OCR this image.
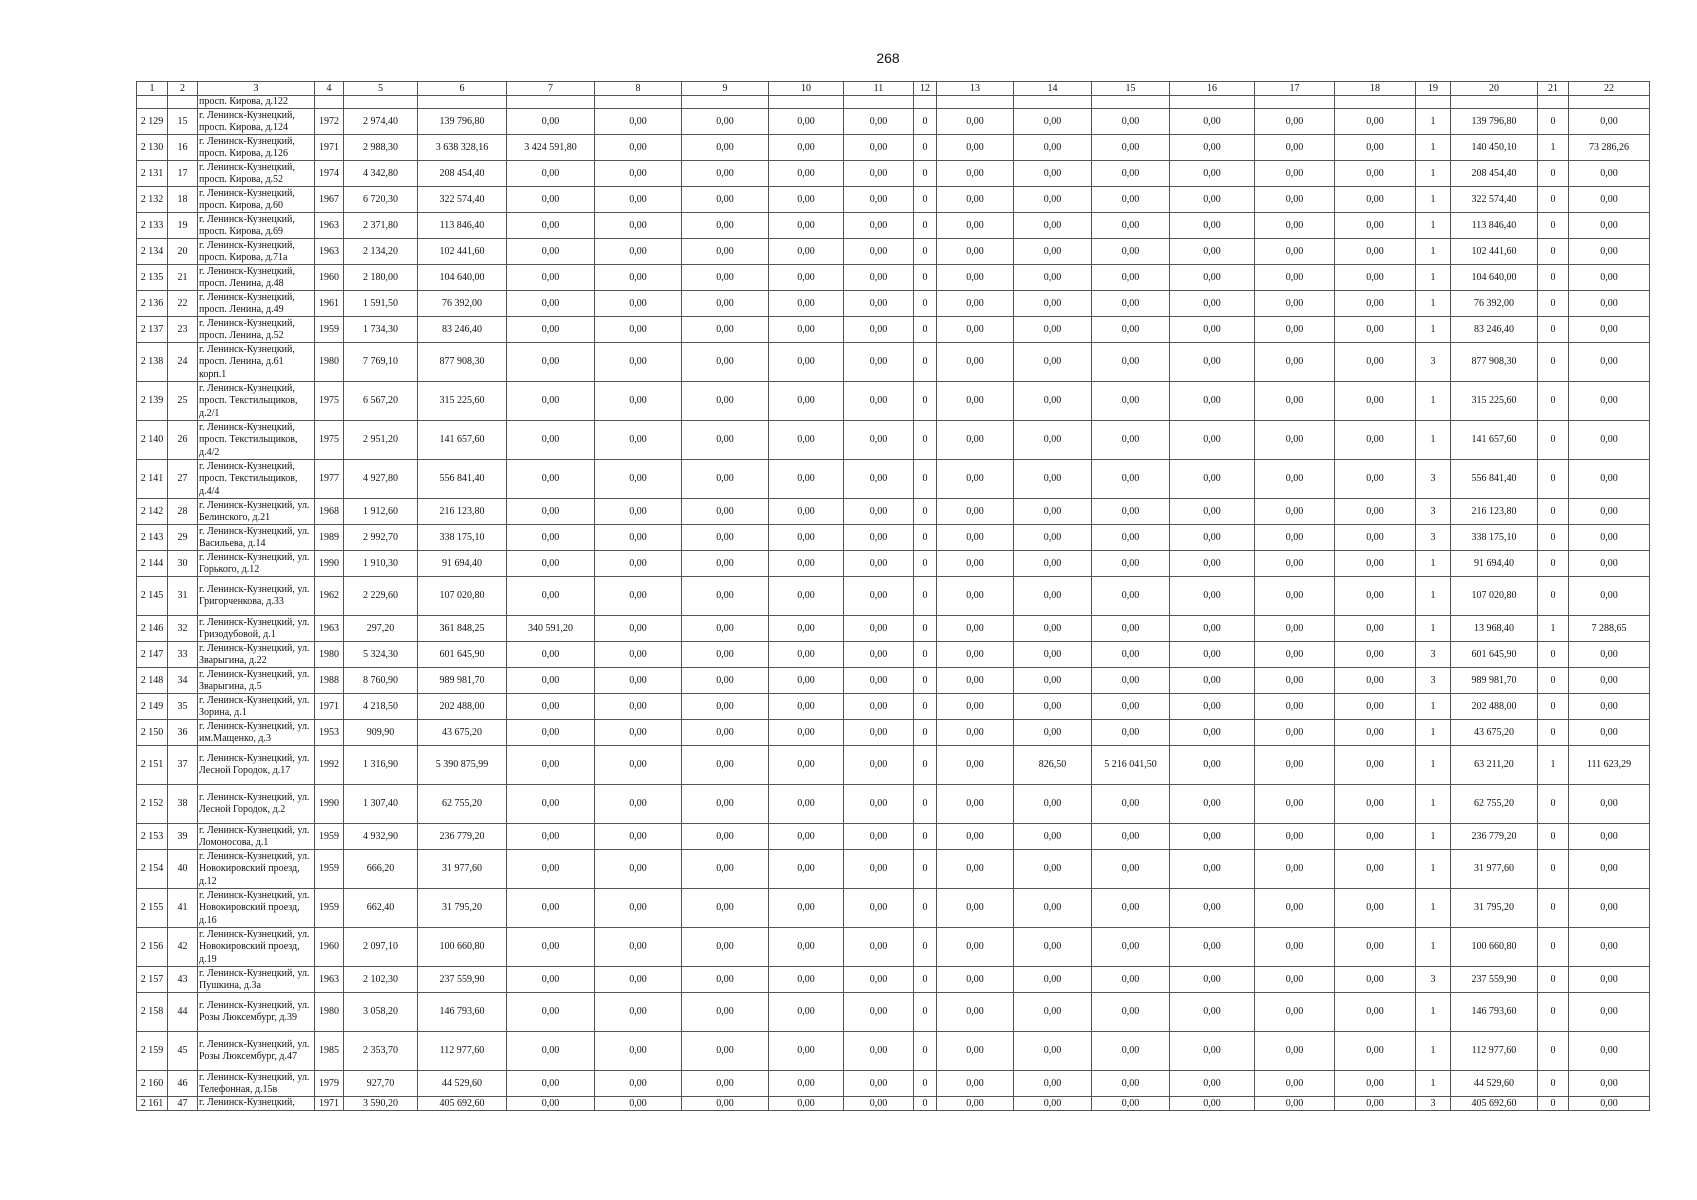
268
1	2	3	4	5	6	7	8	9	10	11	12	13	14	15	16	17	18	19	20	21	22
		просп. Кирова, д.122																			
2 129	15	г. Ленинск-Кузнецкий, просп. Кирова, д.124	1972	2 974,40	139 796,80	0,00	0,00	0,00	0,00	0,00	0	0,00	0,00	0,00	0,00	0,00	0,00	1	139 796,80	0	0,00
2 130	16	г. Ленинск-Кузнецкий, просп. Кирова, д.126	1971	2 988,30	3 638 328,16	3 424 591,80	0,00	0,00	0,00	0,00	0	0,00	0,00	0,00	0,00	0,00	0,00	1	140 450,10	1	73 286,26
2 131	17	г. Ленинск-Кузнецкий, просп. Кирова, д.52	1974	4 342,80	208 454,40	0,00	0,00	0,00	0,00	0,00	0	0,00	0,00	0,00	0,00	0,00	0,00	1	208 454,40	0	0,00
2 132	18	г. Ленинск-Кузнецкий, просп. Кирова, д.60	1967	6 720,30	322 574,40	0,00	0,00	0,00	0,00	0,00	0	0,00	0,00	0,00	0,00	0,00	0,00	1	322 574,40	0	0,00
2 133	19	г. Ленинск-Кузнецкий, просп. Кирова, д.69	1963	2 371,80	113 846,40	0,00	0,00	0,00	0,00	0,00	0	0,00	0,00	0,00	0,00	0,00	0,00	1	113 846,40	0	0,00
2 134	20	г. Ленинск-Кузнецкий, просп. Кирова, д.71а	1963	2 134,20	102 441,60	0,00	0,00	0,00	0,00	0,00	0	0,00	0,00	0,00	0,00	0,00	0,00	1	102 441,60	0	0,00
2 135	21	г. Ленинск-Кузнецкий, просп. Ленина, д.48	1960	2 180,00	104 640,00	0,00	0,00	0,00	0,00	0,00	0	0,00	0,00	0,00	0,00	0,00	0,00	1	104 640,00	0	0,00
2 136	22	г. Ленинск-Кузнецкий, просп. Ленина, д.49	1961	1 591,50	76 392,00	0,00	0,00	0,00	0,00	0,00	0	0,00	0,00	0,00	0,00	0,00	0,00	1	76 392,00	0	0,00
2 137	23	г. Ленинск-Кузнецкий, просп. Ленина, д.52	1959	1 734,30	83 246,40	0,00	0,00	0,00	0,00	0,00	0	0,00	0,00	0,00	0,00	0,00	0,00	1	83 246,40	0	0,00
2 138	24	г. Ленинск-Кузнецкий, просп. Ленина, д.61 корп.1	1980	7 769,10	877 908,30	0,00	0,00	0,00	0,00	0,00	0	0,00	0,00	0,00	0,00	0,00	0,00	3	877 908,30	0	0,00
2 139	25	г. Ленинск-Кузнецкий, просп. Текстильщиков, д.2/1	1975	6 567,20	315 225,60	0,00	0,00	0,00	0,00	0,00	0	0,00	0,00	0,00	0,00	0,00	0,00	1	315 225,60	0	0,00
2 140	26	г. Ленинск-Кузнецкий, просп. Текстильщиков, д.4/2	1975	2 951,20	141 657,60	0,00	0,00	0,00	0,00	0,00	0	0,00	0,00	0,00	0,00	0,00	0,00	1	141 657,60	0	0,00
2 141	27	г. Ленинск-Кузнецкий, просп. Текстильщиков, д.4/4	1977	4 927,80	556 841,40	0,00	0,00	0,00	0,00	0,00	0	0,00	0,00	0,00	0,00	0,00	0,00	3	556 841,40	0	0,00
2 142	28	г. Ленинск-Кузнецкий, ул. Белинского, д.21	1968	1 912,60	216 123,80	0,00	0,00	0,00	0,00	0,00	0	0,00	0,00	0,00	0,00	0,00	0,00	3	216 123,80	0	0,00
2 143	29	г. Ленинск-Кузнецкий, ул. Васильева, д.14	1989	2 992,70	338 175,10	0,00	0,00	0,00	0,00	0,00	0	0,00	0,00	0,00	0,00	0,00	0,00	3	338 175,10	0	0,00
2 144	30	г. Ленинск-Кузнецкий, ул. Горького, д.12	1990	1 910,30	91 694,40	0,00	0,00	0,00	0,00	0,00	0	0,00	0,00	0,00	0,00	0,00	0,00	1	91 694,40	0	0,00
2 145	31	г. Ленинск-Кузнецкий, ул. Григорченкова, д.33	1962	2 229,60	107 020,80	0,00	0,00	0,00	0,00	0,00	0	0,00	0,00	0,00	0,00	0,00	0,00	1	107 020,80	0	0,00
2 146	32	г. Ленинск-Кузнецкий, ул. Гризодубовой, д.1	1963	297,20	361 848,25	340 591,20	0,00	0,00	0,00	0,00	0	0,00	0,00	0,00	0,00	0,00	0,00	1	13 968,40	1	7 288,65
2 147	33	г. Ленинск-Кузнецкий, ул. Зварыгина, д.22	1980	5 324,30	601 645,90	0,00	0,00	0,00	0,00	0,00	0	0,00	0,00	0,00	0,00	0,00	0,00	3	601 645,90	0	0,00
2 148	34	г. Ленинск-Кузнецкий, ул. Зварыгина, д.5	1988	8 760,90	989 981,70	0,00	0,00	0,00	0,00	0,00	0	0,00	0,00	0,00	0,00	0,00	0,00	3	989 981,70	0	0,00
2 149	35	г. Ленинск-Кузнецкий, ул. Зорина, д.1	1971	4 218,50	202 488,00	0,00	0,00	0,00	0,00	0,00	0	0,00	0,00	0,00	0,00	0,00	0,00	1	202 488,00	0	0,00
2 150	36	г. Ленинск-Кузнецкий, ул. им.Мащенко, д.3	1953	909,90	43 675,20	0,00	0,00	0,00	0,00	0,00	0	0,00	0,00	0,00	0,00	0,00	0,00	1	43 675,20	0	0,00
2 151	37	г. Ленинск-Кузнецкий, ул. Лесной Городок, д.17	1992	1 316,90	5 390 875,99	0,00	0,00	0,00	0,00	0,00	0	0,00	826,50	5 216 041,50	0,00	0,00	0,00	1	63 211,20	1	111 623,29
2 152	38	г. Ленинск-Кузнецкий, ул. Лесной Городок, д.2	1990	1 307,40	62 755,20	0,00	0,00	0,00	0,00	0,00	0	0,00	0,00	0,00	0,00	0,00	0,00	1	62 755,20	0	0,00
2 153	39	г. Ленинск-Кузнецкий, ул. Ломоносова, д.1	1959	4 932,90	236 779,20	0,00	0,00	0,00	0,00	0,00	0	0,00	0,00	0,00	0,00	0,00	0,00	1	236 779,20	0	0,00
2 154	40	г. Ленинск-Кузнецкий, ул. Новокировский проезд, д.12	1959	666,20	31 977,60	0,00	0,00	0,00	0,00	0,00	0	0,00	0,00	0,00	0,00	0,00	0,00	1	31 977,60	0	0,00
2 155	41	г. Ленинск-Кузнецкий, ул. Новокировский проезд, д.16	1959	662,40	31 795,20	0,00	0,00	0,00	0,00	0,00	0	0,00	0,00	0,00	0,00	0,00	0,00	1	31 795,20	0	0,00
2 156	42	г. Ленинск-Кузнецкий, ул. Новокировский проезд, д.19	1960	2 097,10	100 660,80	0,00	0,00	0,00	0,00	0,00	0	0,00	0,00	0,00	0,00	0,00	0,00	1	100 660,80	0	0,00
2 157	43	г. Ленинск-Кузнецкий, ул. Пушкина, д.3а	1963	2 102,30	237 559,90	0,00	0,00	0,00	0,00	0,00	0	0,00	0,00	0,00	0,00	0,00	0,00	3	237 559,90	0	0,00
2 158	44	г. Ленинск-Кузнецкий, ул. Розы Люксембург, д.39	1980	3 058,20	146 793,60	0,00	0,00	0,00	0,00	0,00	0	0,00	0,00	0,00	0,00	0,00	0,00	1	146 793,60	0	0,00
2 159	45	г. Ленинск-Кузнецкий, ул. Розы Люксембург, д.47	1985	2 353,70	112 977,60	0,00	0,00	0,00	0,00	0,00	0	0,00	0,00	0,00	0,00	0,00	0,00	1	112 977,60	0	0,00
2 160	46	г. Ленинск-Кузнецкий, ул. Телефонная, д.15в	1979	927,70	44 529,60	0,00	0,00	0,00	0,00	0,00	0	0,00	0,00	0,00	0,00	0,00	0,00	1	44 529,60	0	0,00
2 161	47	г. Ленинск-Кузнецкий,	1971	3 590,20	405 692,60	0,00	0,00	0,00	0,00	0,00	0	0,00	0,00	0,00	0,00	0,00	0,00	3	405 692,60	0	0,00
